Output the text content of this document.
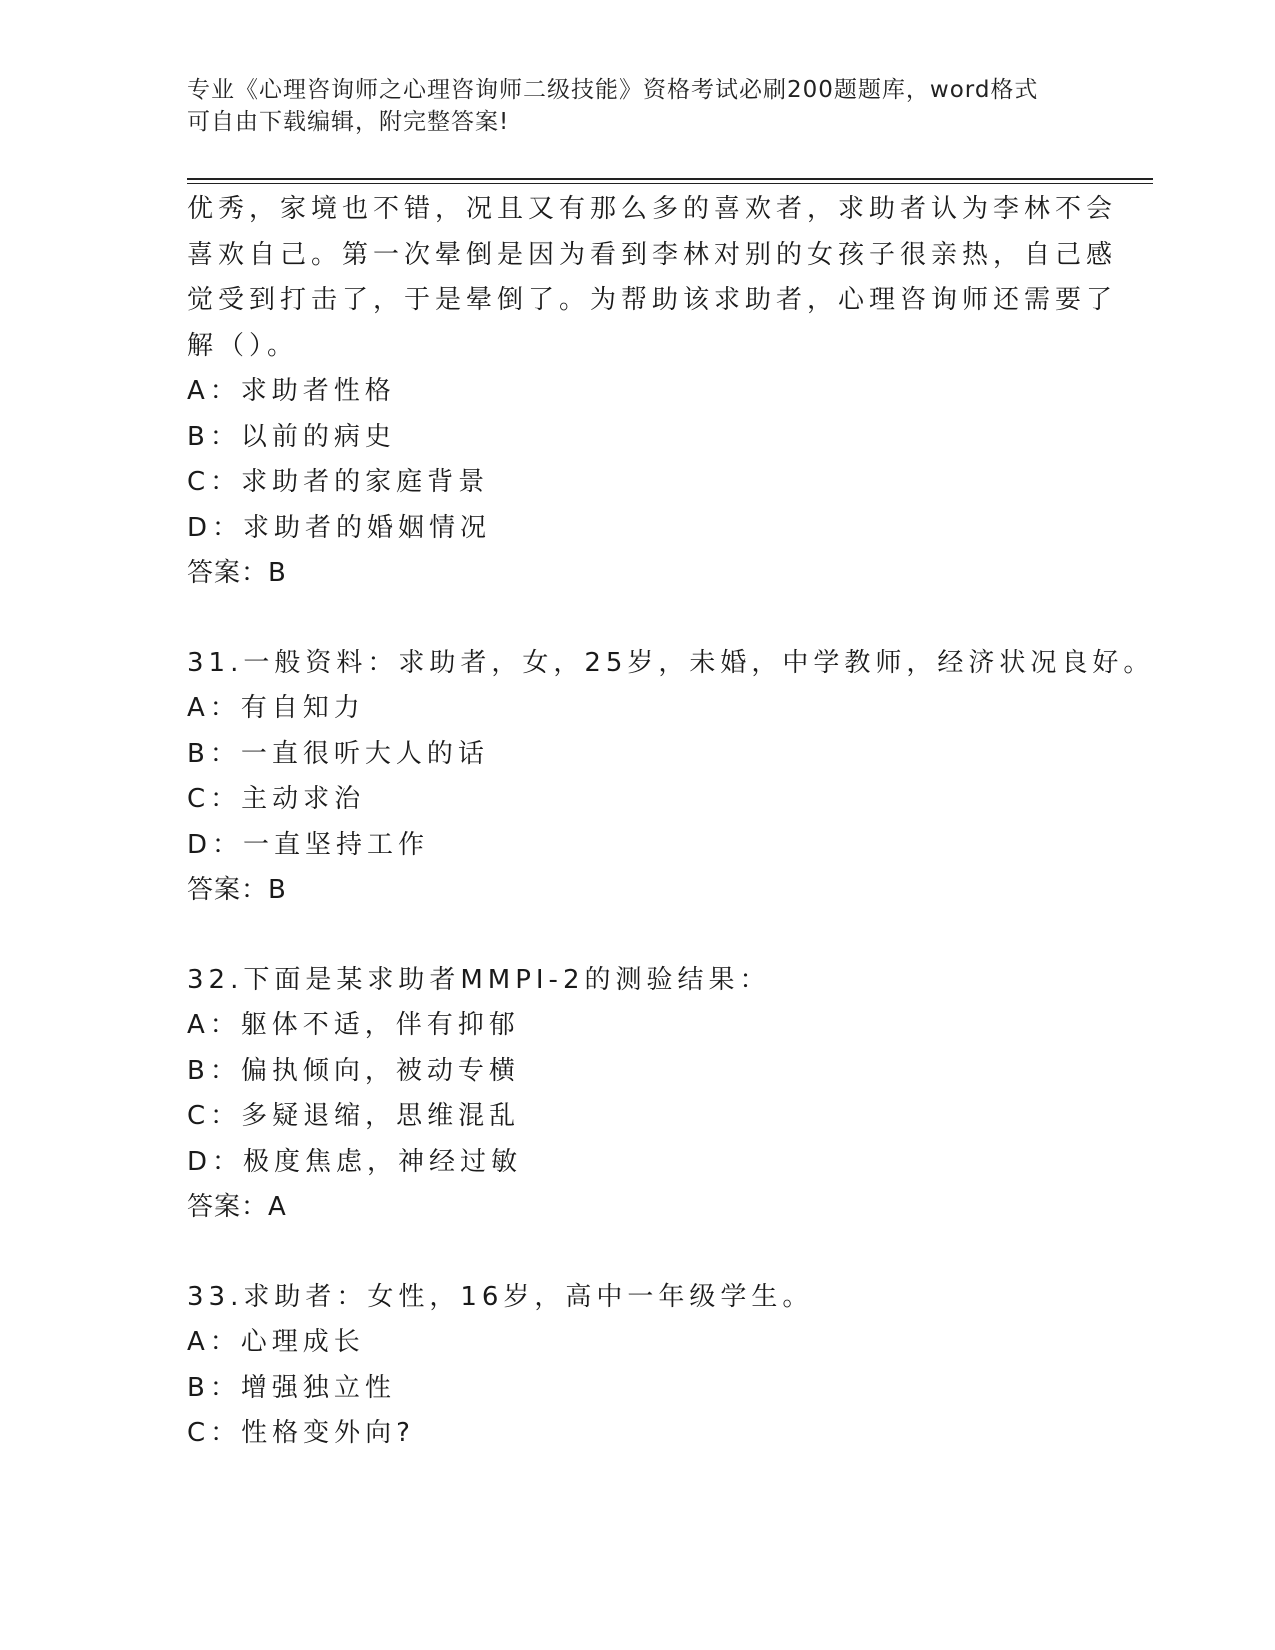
专业《心理咨询师之心理咨询师二级技能》资格考试必刷200题题库，word格式
可自由下载编辑，附完整答案!
优秀，家境也不错，况且又有那么多的喜欢者，求助者认为李林不会
喜欢自己。第一次晕倒是因为看到李林对别的女孩子很亲热，自己感
觉受到打击了，于是晕倒了。为帮助该求助者，心理咨询师还需要了
解（）。
A：求助者性格
B：以前的病史
C：求助者的家庭背景
D：求助者的婚姻情况
答案：B
31.一般资料：求助者，女，25岁，未婚，中学教师，经济状况良好。
A：有自知力
B：一直很听大人的话
C：主动求治
D：一直坚持工作
答案：B
32.下面是某求助者MMPI-2的测验结果：
A：躯体不适，伴有抑郁
B：偏执倾向，被动专横
C：多疑退缩，思维混乱
D：极度焦虑，神经过敏
答案：A
33.求助者：女性，16岁，高中一年级学生。
A：心理成长
B：增强独立性
C：性格变外向?
